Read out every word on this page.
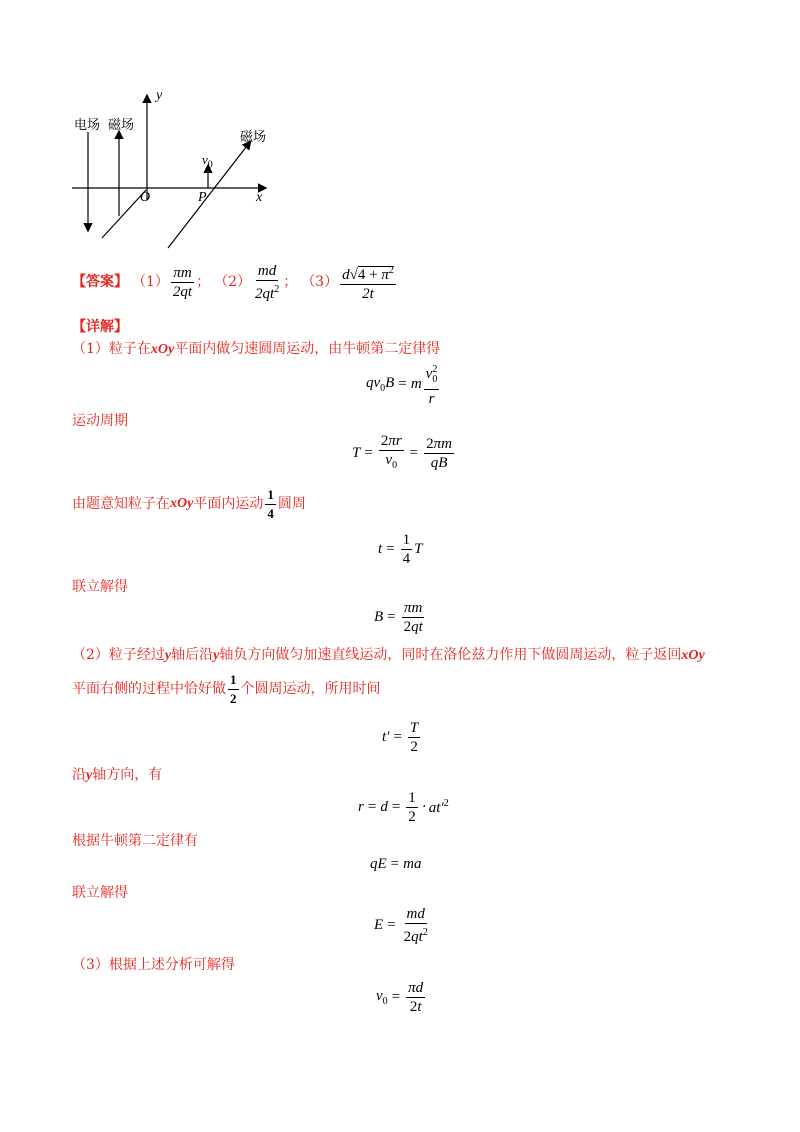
电场 磁场
磁场
y
x
O	P
$v_0$
【答案】 $(1) \frac{\pi m}{2qt}$ ； $(2) \frac{md}{2qt^2}$ ； $(3) \frac{d√4 + \pi^2}{2t}$
【详解】
（1）粒子在xOy平面内做匀速圆周运动，由牛顿第二定律得
$qv_0B = m \frac{v_0^2}{r}$
运动周期
$T = \frac{2\pi r}{v_0} = \frac{2\pi m}{qB}$
由题意知粒子在 xOy 平面内运动 $\frac{1}{4}$ 圆周
$t = \frac{1}{4}$ T
联立解得
$B = \frac{\pi m}{2qt}$
（2）粒子经过y轴后沿y轴负方向做匀加速直线运动，同时在洛伦兹力作用下做圆周运动，粒子返回xOy
平面右侧的过程中恰好做 $\frac{1}{2}$ 个圆周运动，所用时间
$t' = \frac{T}{2}$
沿y轴方向，有
$r = d = \frac{1}{2} \cdot at'^2$
根据牛顿第二定律有
qE = ma
联立解得
$E = \frac{md}{2qt^2}$
（3）根据上述分析可解得
$v_0 = \frac{\pi d}{2t}$
